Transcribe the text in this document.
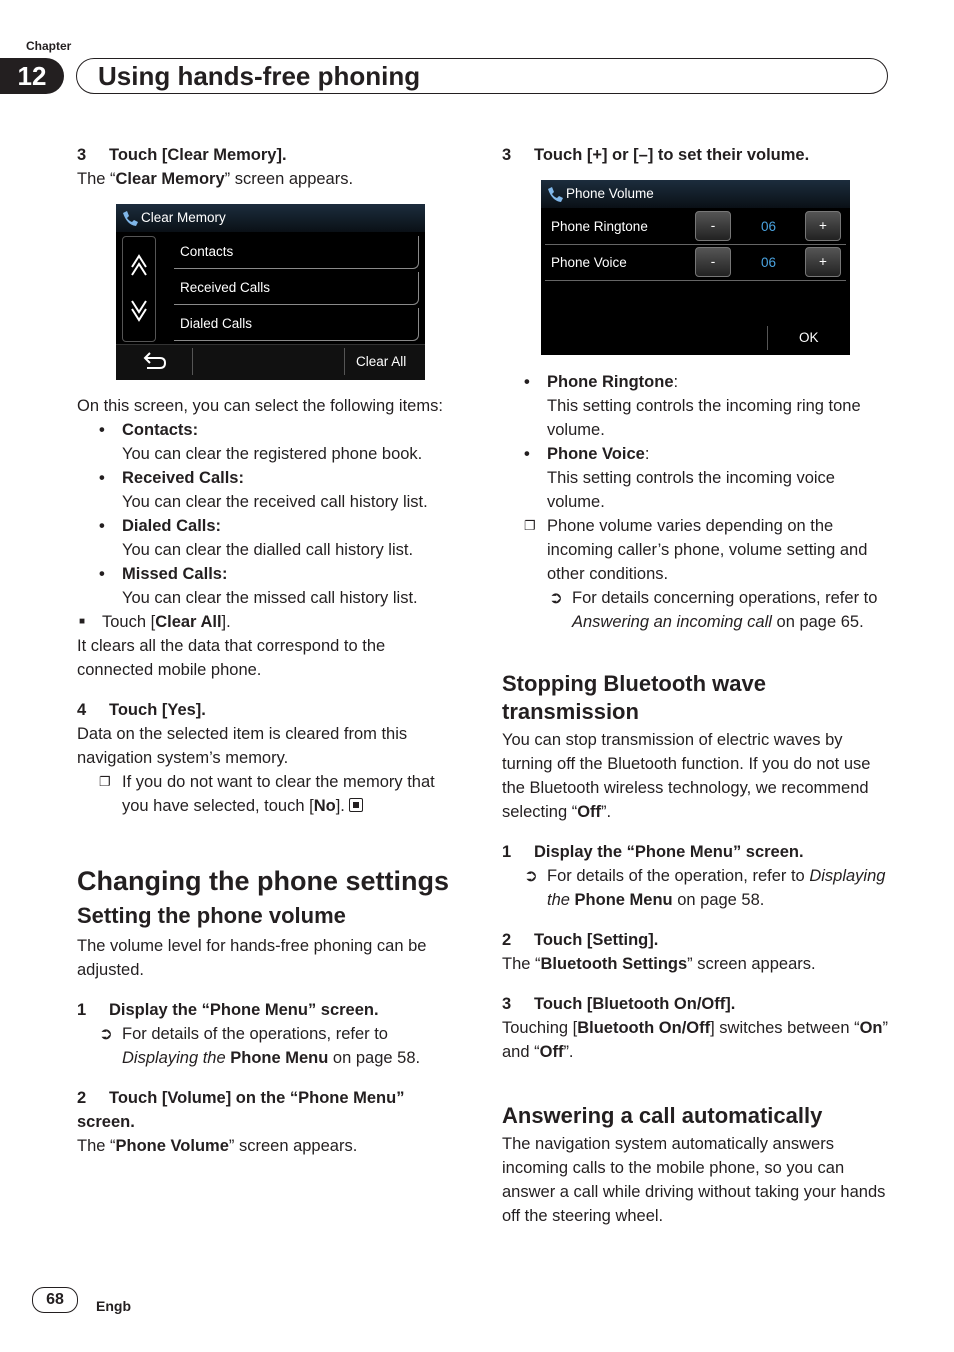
Chapter
12	Using hands-free phoning

3 Touch [Clear Memory].

The “Clear Memory” screen appears.

Clear Memory
Contacts
Received Calls
Dialed Calls
Clear All

On this screen, you can select the following items:

• Contacts:

You can clear the registered phone book.

• Received Calls:

You can clear the received call history list.

• Dialed Calls:

You can clear the dialled call history list.

• Missed Calls:

You can clear the missed call history list.

■ Touch [Clear All].

It clears all the data that correspond to the connected mobile phone.

4 Touch [Yes].

Data on the selected item is cleared from this navigation system’s memory.

❐ If you do not want to clear the memory that you have selected, touch [No].

Changing the phone settings
Setting the phone volume

The volume level for hands-free phoning can be adjusted.

1 Display the “Phone Menu” screen.

➲ For details of the operations, refer to Displaying the Phone Menu on page 58.

2 Touch [Volume] on the “Phone Menu” screen.

The “Phone Volume” screen appears.

3 Touch [+] or [–] to set their volume.

Phone Volume
Phone Ringtone	-	06	+
Phone Voice	-	06	+
OK

• Phone Ringtone:

This setting controls the incoming ring tone volume.

• Phone Voice:

This setting controls the incoming voice volume.

❐ Phone volume varies depending on the incoming caller’s phone, volume setting and other conditions.

➲ For details concerning operations, refer to Answering an incoming call on page 65.

Stopping Bluetooth wave transmission

You can stop transmission of electric waves by turning off the Bluetooth function. If you do not use the Bluetooth wireless technology, we recommend selecting “Off”.

1 Display the “Phone Menu” screen.

➲ For details of the operation, refer to Displaying the Phone Menu on page 58.

2 Touch [Setting].

The “Bluetooth Settings” screen appears.

3 Touch [Bluetooth On/Off].

Touching [Bluetooth On/Off] switches between “On” and “Off”.

Answering a call automatically

The navigation system automatically answers incoming calls to the mobile phone, so you can answer a call while driving without taking your hands off the steering wheel.

68	Engb
